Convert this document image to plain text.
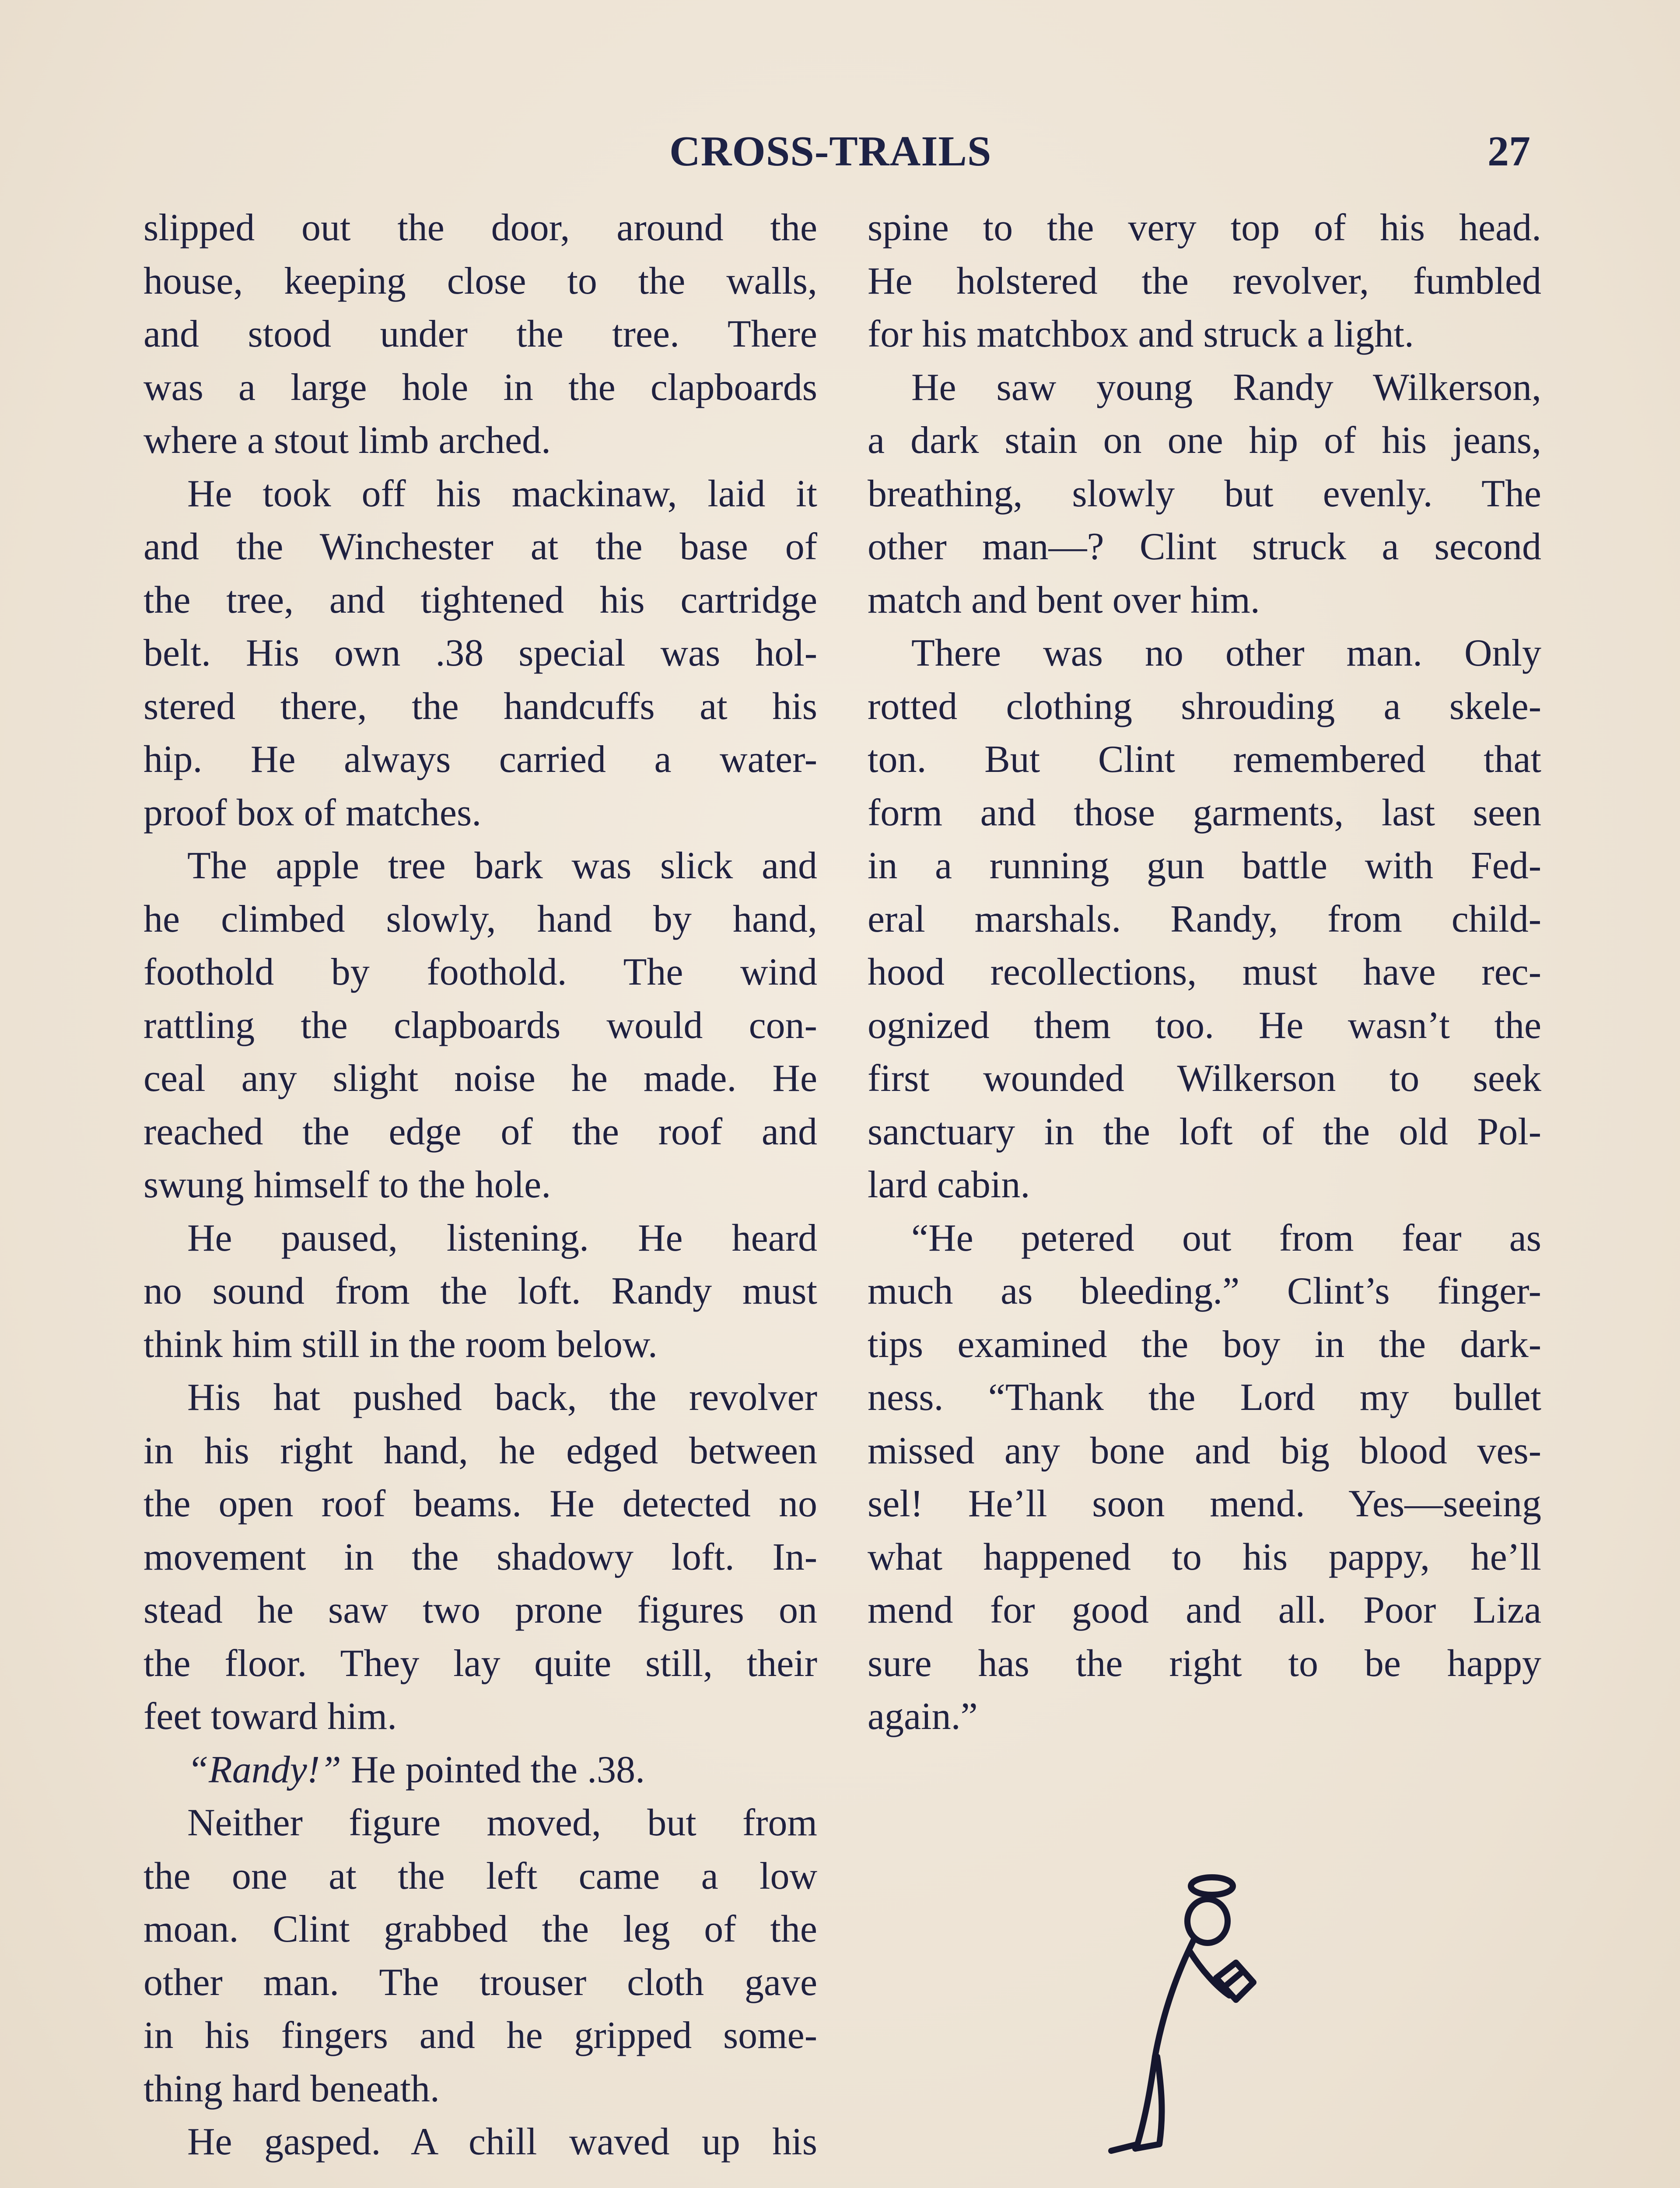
CROSS-TRAILS	27
slipped out the door, around the
house, keeping close to the walls,
and stood under the tree. There
was a large hole in the clapboards
where a stout limb arched.
He took off his mackinaw, laid it
and the Winchester at the base of
the tree, and tightened his cartridge
belt. His own .38 special was hol-
stered there, the handcuffs at his
hip. He always carried a water-
proof box of matches.
The apple tree bark was slick and
he climbed slowly, hand by hand,
foothold by foothold. The wind
rattling the clapboards would con-
ceal any slight noise he made. He
reached the edge of the roof and
swung himself to the hole.
He paused, listening. He heard
no sound from the loft. Randy must
think him still in the room below.
His hat pushed back, the revolver
in his right hand, he edged between
the open roof beams. He detected no
movement in the shadowy loft. In-
stead he saw two prone figures on
the floor. They lay quite still, their
feet toward him.
“Randy!” He pointed the .38.
Neither figure moved, but from
the one at the left came a low
moan. Clint grabbed the leg of the
other man. The trouser cloth gave
in his fingers and he gripped some-
thing hard beneath.
He gasped. A chill waved up his
spine to the very top of his head.
He holstered the revolver, fumbled
for his matchbox and struck a light.
He saw young Randy Wilkerson,
a dark stain on one hip of his jeans,
breathing, slowly but evenly. The
other man—? Clint struck a second
match and bent over him.
There was no other man. Only
rotted clothing shrouding a skele-
ton. But Clint remembered that
form and those garments, last seen
in a running gun battle with Fed-
eral marshals. Randy, from child-
hood recollections, must have rec-
ognized them too. He wasn’t the
first wounded Wilkerson to seek
sanctuary in the loft of the old Pol-
lard cabin.
“He petered out from fear as
much as bleeding.” Clint’s finger-
tips examined the boy in the dark-
ness. “Thank the Lord my bullet
missed any bone and big blood ves-
sel! He’ll soon mend. Yes—seeing
what happened to his pappy, he’ll
mend for good and all. Poor Liza
sure has the right to be happy
again.”
